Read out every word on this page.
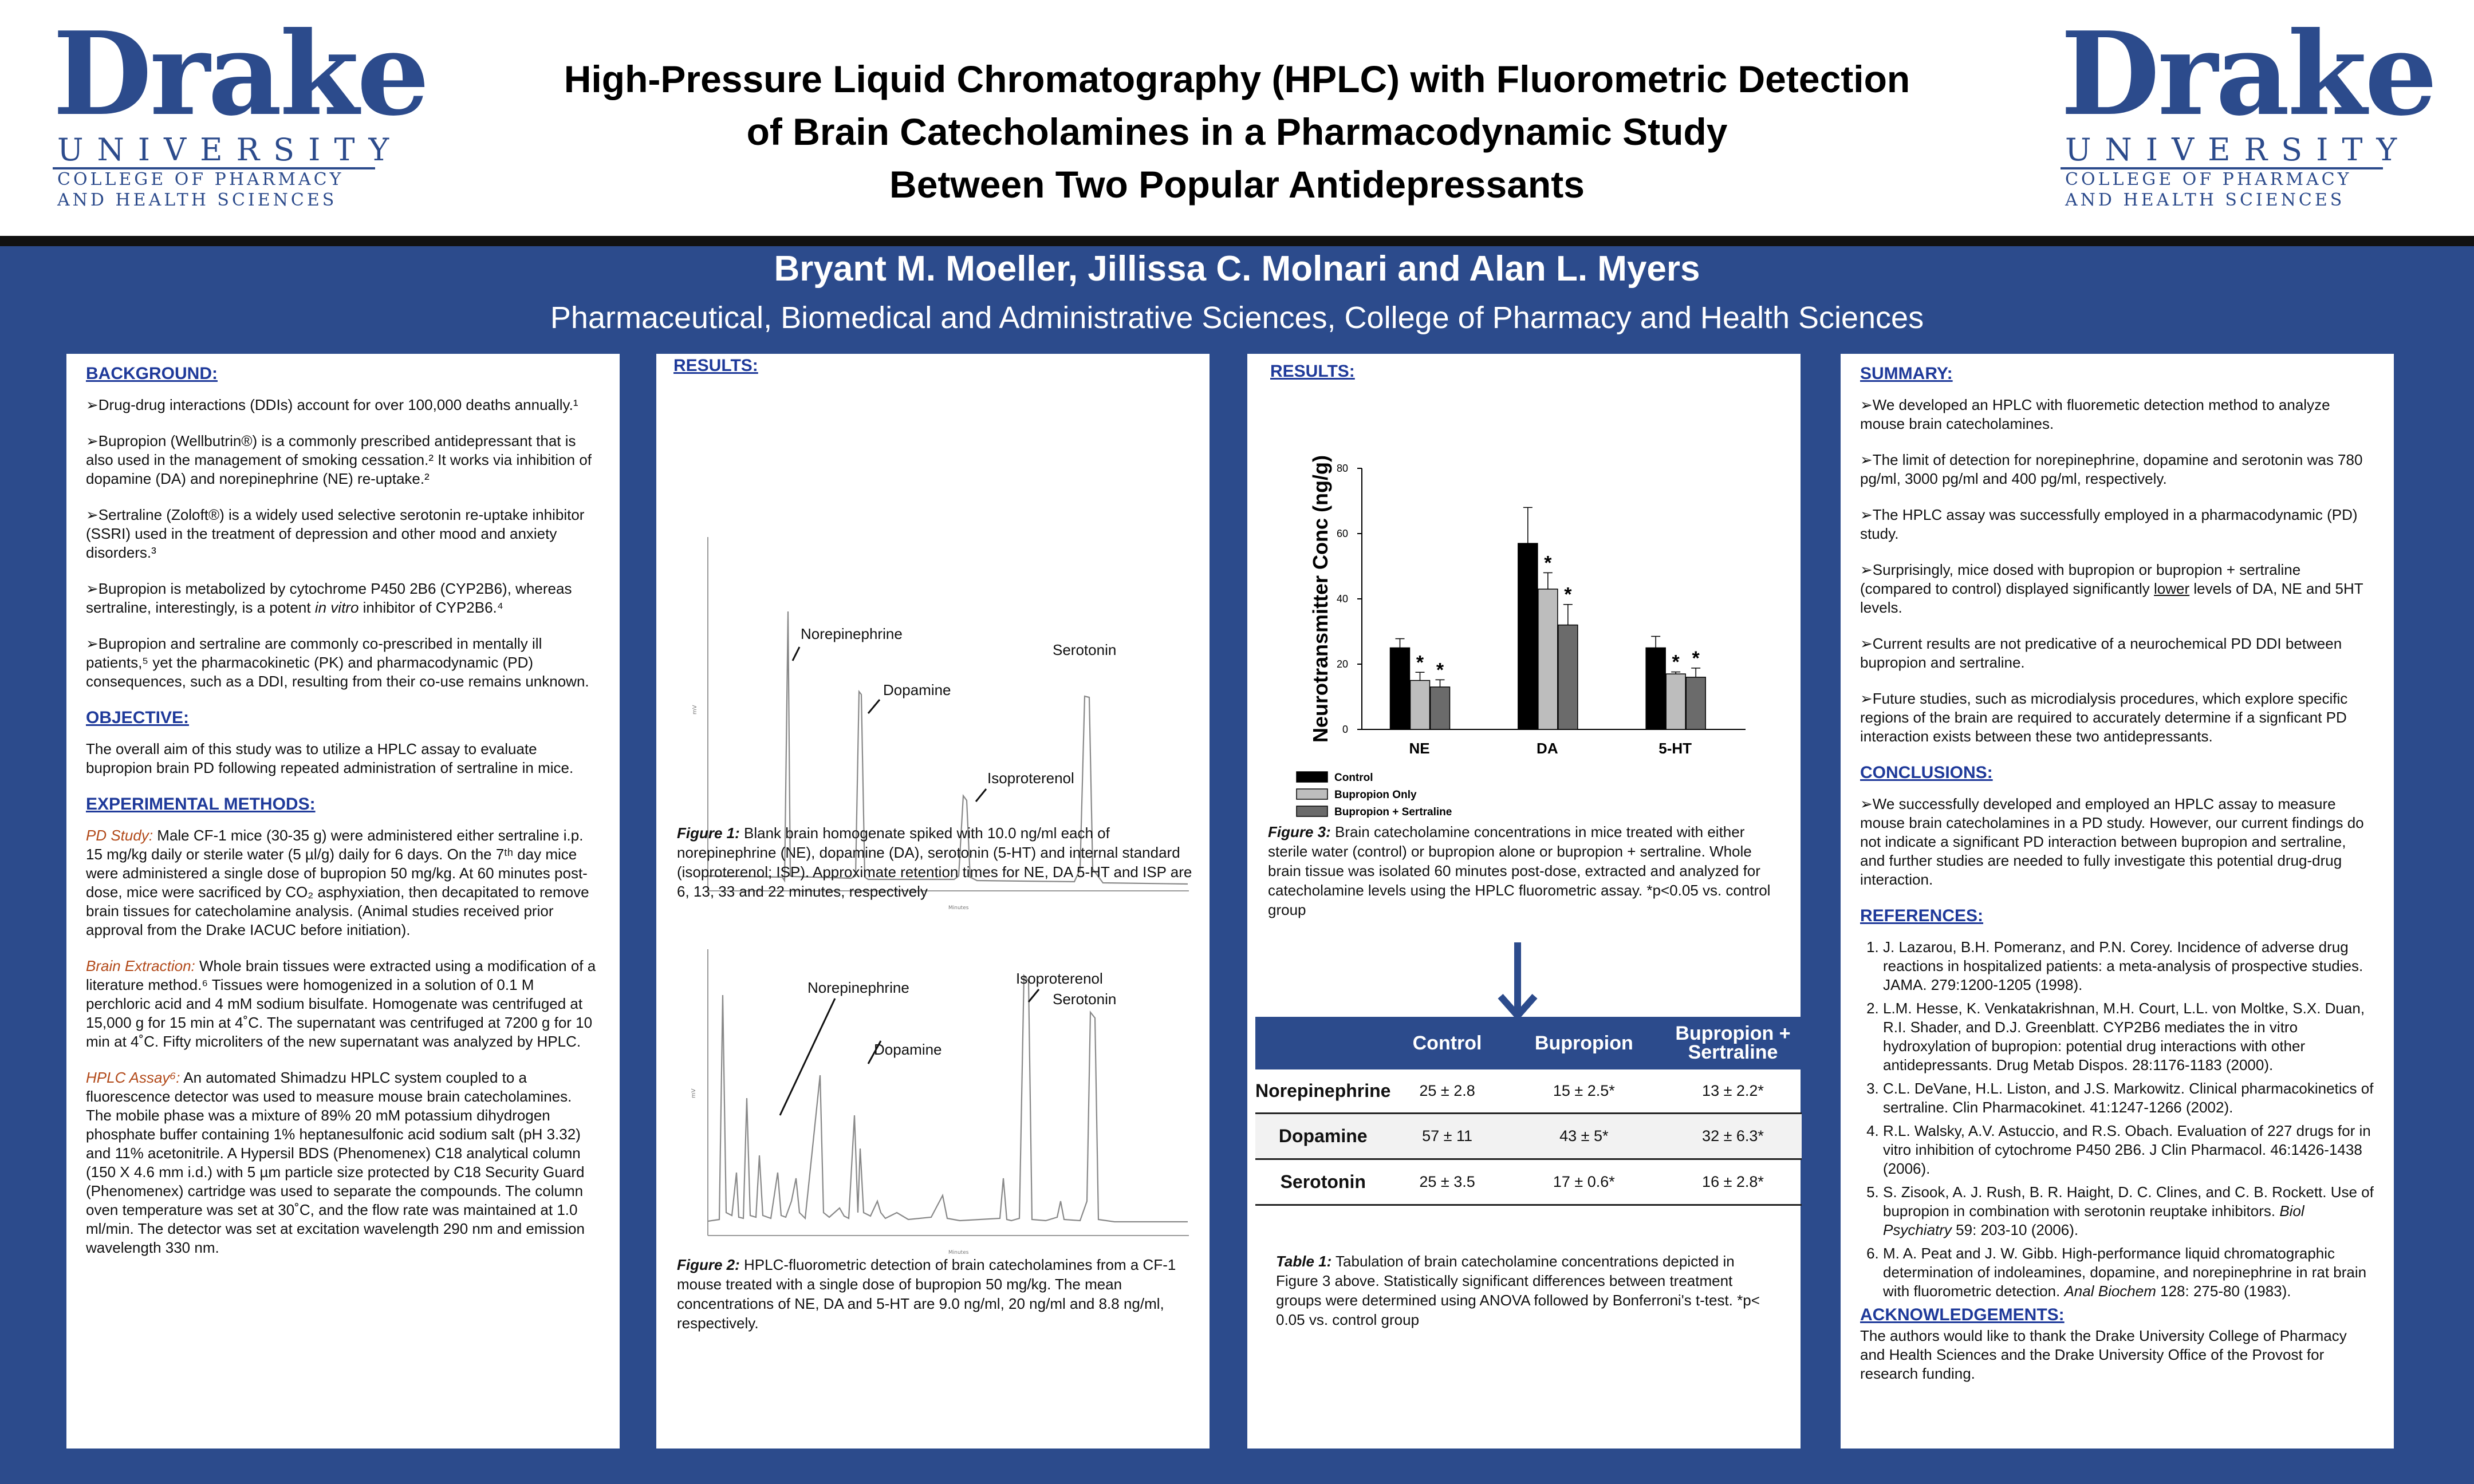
Drake
UNIVERSITY
COLLEGE OF PHARMACY
AND HEALTH SCIENCES
Drake
UNIVERSITY
COLLEGE OF PHARMACY
AND HEALTH SCIENCES
High-Pressure Liquid Chromatography (HPLC) with Fluorometric Detection
of Brain Catecholamines in a Pharmacodynamic Study
Between Two Popular Antidepressants
Bryant M. Moeller, Jillissa C. Molnari and Alan L. Myers
Pharmaceutical, Biomedical and Administrative Sciences, College of Pharmacy and Health Sciences
BACKGROUND:
➢Drug-drug interactions (DDIs) account for over 100,000 deaths annually.¹
➢Bupropion (Wellbutrin®) is a commonly prescribed antidepressant that is also used in the management of smoking cessation.² It works via inhibition of dopamine (DA) and norepinephrine (NE) re-uptake.²
➢Sertraline (Zoloft®) is a widely used selective serotonin re-uptake inhibitor (SSRI) used in the treatment of depression and other mood and anxiety disorders.³
➢Bupropion is metabolized by cytochrome P450 2B6 (CYP2B6), whereas sertraline, interestingly, is a potent in vitro inhibitor of CYP2B6.⁴
➢Bupropion and sertraline are commonly co-prescribed in mentally ill patients,⁵ yet the pharmacokinetic (PK) and pharmacodynamic (PD) consequences, such as a DDI, resulting from their co-use remains unknown.
OBJECTIVE:
The overall aim of this study was to utilize a HPLC assay to evaluate bupropion brain PD following repeated administration of sertraline in mice.
EXPERIMENTAL METHODS:
PD Study: Male CF-1 mice (30-35 g) were administered either sertraline i.p. 15 mg/kg daily or sterile water (5 µl/g) daily for 6 days. On the 7ᵗʰ day mice were administered a single dose of bupropion 50 mg/kg. At 60 minutes post-dose, mice were sacrificed by CO₂ asphyxiation, then decapitated to remove brain tissues for catecholamine analysis. (Animal studies received prior approval from the Drake IACUC before initiation).
Brain Extraction: Whole brain tissues were extracted using a modification of a literature method.⁶ Tissues were homogenized in a solution of 0.1 M perchloric acid and 4 mM sodium bisulfate. Homogenate was centrifuged at 15,000 g for 15 min at 4˚C. The supernatant was centrifuged at 7200 g for 10 min at 4˚C. Fifty microliters of the new supernatant was analyzed by HPLC.
HPLC Assay⁶: An automated Shimadzu HPLC system coupled to a fluorescence detector was used to measure mouse brain catecholamines. The mobile phase was a mixture of 89% 20 mM potassium dihydrogen phosphate buffer containing 1% heptanesulfonic acid sodium salt (pH 3.32) and 11% acetonitrile. A Hypersil BDS (Phenomenex) C18 analytical column (150 X 4.6 mm i.d.) with 5 µm particle size protected by C18 Security Guard (Phenomenex) cartridge was used to separate the compounds. The column oven temperature was set at 30˚C, and the flow rate was maintained at 1.0 ml/min. The detector was set at excitation wavelength 290 nm and emission wavelength 330 nm.
RESULTS:
mV
Minutes
Norepinephrine
Dopamine
Isoproterenol
Serotonin
Figure 1: Blank brain homogenate spiked with 10.0 ng/ml each of norepinephrine (NE), dopamine (DA), serotonin (5-HT) and internal standard (isoproterenol; ISP). Approximate retention times for NE, DA 5-HT and ISP are 6, 13, 33 and 22 minutes, respectively
mV
Minutes
Norepinephrine
Dopamine
Isoproterenol
Serotonin
Figure 2: HPLC-fluorometric detection of brain catecholamines from a CF-1 mouse treated with a single dose of bupropion 50 mg/kg. The mean concentrations of NE, DA and 5-HT are 9.0 ng/ml, 20 ng/ml and 8.8 ng/ml, respectively.
RESULTS:
0
20
40
60
80
Neurotransmitter Conc (ng/g)	* *
NE
*
*
DA
* *
5-HT
Control
Bupropion Only
Bupropion + Sertraline
Figure 3: Brain catecholamine concentrations in mice treated with either sterile water (control) or bupropion alone or bupropion + sertraline. Whole brain tissue was isolated 60 minutes post-dose, extracted and analyzed for catecholamine levels using the HPLC fluorometric assay. *p<0.05 vs. control group
	Control	Bupropion	Bupropion + Sertraline
Norepinephrine	25 ± 2.8	15 ± 2.5*	13 ± 2.2*
Dopamine	57 ± 11	43 ± 5*	32 ± 6.3*
Serotonin	25 ± 3.5	17 ± 0.6*	16 ± 2.8*
Table 1: Tabulation of brain catecholamine concentrations depicted in Figure 3 above. Statistically significant differences between treatment groups were determined using ANOVA followed by Bonferroni's t-test. *p< 0.05 vs. control group
SUMMARY:
➢We developed an HPLC with fluoremetic detection method to analyze mouse brain catecholamines.
➢The limit of detection for norepinephrine, dopamine and serotonin was 780 pg/ml, 3000 pg/ml and 400 pg/ml, respectively.
➢The HPLC assay was successfully employed in a pharmacodynamic (PD) study.
➢Surprisingly, mice dosed with bupropion or bupropion + sertraline (compared to control) displayed significantly lower levels of DA, NE and 5HT levels.
➢Current results are not predicative of a neurochemical PD DDI between bupropion and sertraline.
➢Future studies, such as microdialysis procedures, which explore specific regions of the brain are required to accurately determine if a signficant PD interaction exists between these two antidepressants.
CONCLUSIONS:
➢We successfully developed and employed an HPLC assay to measure mouse brain catecholamines in a PD study. However, our current findings do not indicate a significant PD interaction between bupropion and sertraline, and further studies are needed to fully investigate this potential drug-drug interaction.
REFERENCES:
1. J. Lazarou, B.H. Pomeranz, and P.N. Corey. Incidence of adverse drug reactions in hospitalized patients: a meta-analysis of prospective studies. JAMA. 279:1200-1205 (1998).
2. L.M. Hesse, K. Venkatakrishnan, M.H. Court, L.L. von Moltke, S.X. Duan, R.I. Shader, and D.J. Greenblatt. CYP2B6 mediates the in vitro hydroxylation of bupropion: potential drug interactions with other antidepressants. Drug Metab Dispos. 28:1176-1183 (2000).
3. C.L. DeVane, H.L. Liston, and J.S. Markowitz. Clinical pharmacokinetics of sertraline. Clin Pharmacokinet. 41:1247-1266 (2002).
4. R.L. Walsky, A.V. Astuccio, and R.S. Obach. Evaluation of 227 drugs for in vitro inhibition of cytochrome P450 2B6. J Clin Pharmacol. 46:1426-1438 (2006).
5. S. Zisook, A. J. Rush, B. R. Haight, D. C. Clines, and C. B. Rockett. Use of bupropion in combination with serotonin reuptake inhibitors. Biol Psychiatry 59: 203-10 (2006).
6. M. A. Peat and J. W. Gibb. High-performance liquid chromatographic determination of indoleamines, dopamine, and norepinephrine in rat brain with fluorometric detection. Anal Biochem 128: 275-80 (1983).
ACKNOWLEDGEMENTS:
The authors would like to thank the Drake University College of Pharmacy and Health Sciences and the Drake University Office of the Provost for research funding.
